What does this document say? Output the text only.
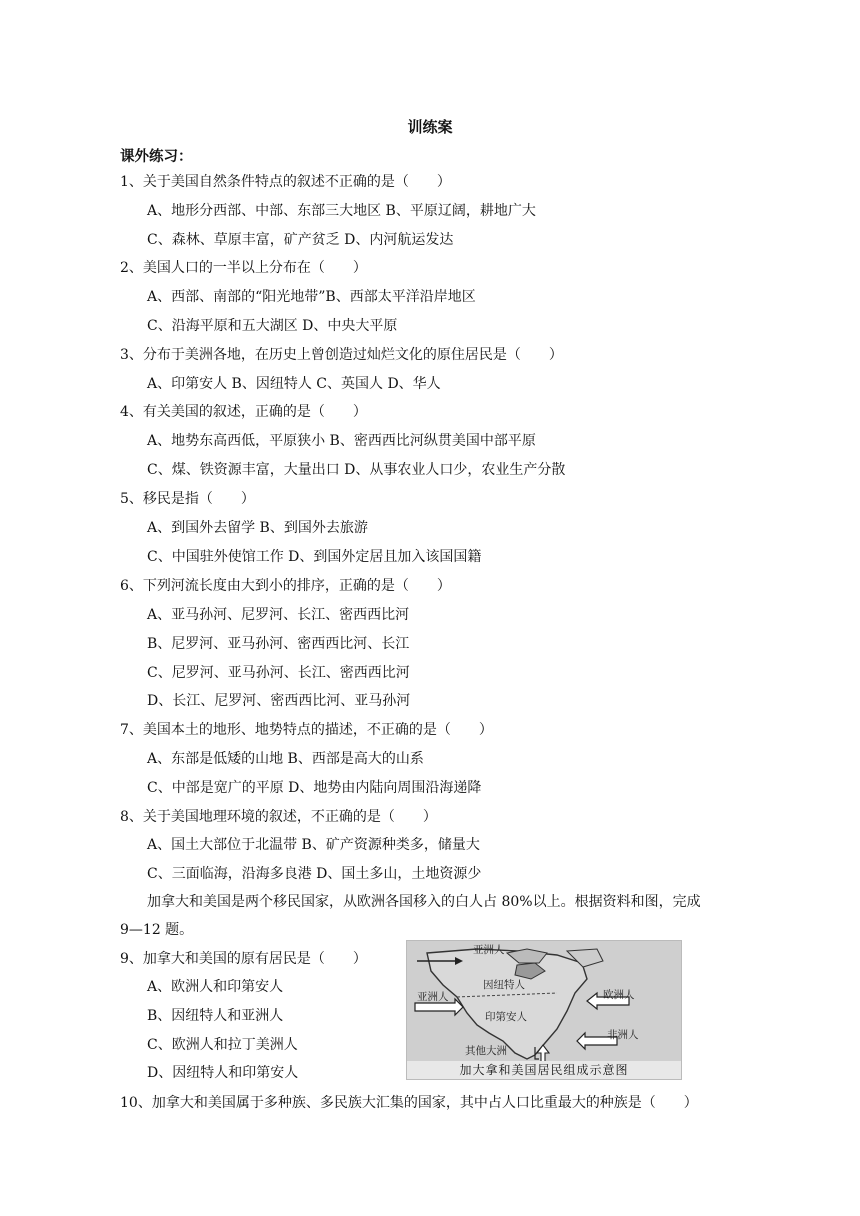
训练案
课外练习：
1、关于美国自然条件特点的叙述不正确的是（　　）
A、地形分西部、中部、东部三大地区 B、平原辽阔，耕地广大
C、森林、草原丰富，矿产贫乏 D、内河航运发达
2、美国人口的一半以上分布在（　　）
A、西部、南部的“阳光地带”B、西部太平洋沿岸地区
C、沿海平原和五大湖区 D、中央大平原
3、分布于美洲各地，在历史上曾创造过灿烂文化的原住居民是（　　）
A、印第安人 B、因纽特人 C、英国人 D、华人
4、有关美国的叙述，正确的是（　　）
A、地势东高西低，平原狭小 B、密西西比河纵贯美国中部平原
C、煤、铁资源丰富，大量出口 D、从事农业人口少，农业生产分散
5、移民是指（　　）
A、到国外去留学 B、到国外去旅游
C、中国驻外使馆工作 D、到国外定居且加入该国国籍
6、下列河流长度由大到小的排序，正确的是（　　）
A、亚马孙河、尼罗河、长江、密西西比河
B、尼罗河、亚马孙河、密西西比河、长江
C、尼罗河、亚马孙河、长江、密西西比河
D、长江、尼罗河、密西西比河、亚马孙河
7、美国本土的地形、地势特点的描述，不正确的是（　　）
A、东部是低矮的山地 B、西部是高大的山系
C、中部是宽广的平原 D、地势由内陆向周围沿海递降
8、关于美国地理环境的叙述，不正确的是（　　）
A、国土大部位于北温带 B、矿产资源种类多，储量大
C、三面临海，沿海多良港 D、国土多山，土地资源少
加拿大和美国是两个移民国家，从欧洲各国移入的白人占 80%以上。根据资料和图，完成
9—12 题。
9、加拿大和美国的原有居民是（　　）
A、欧洲人和印第安人
B、因纽特人和亚洲人
C、欧洲人和拉丁美洲人
D、因纽特人和印第安人
10、加拿大和美国属于多种族、多民族大汇集的国家，其中占人口比重最大的种族是（　　）
亚洲人
因纽特人
亚洲人
印第安人
欧洲人
非洲人
其他大洲
加大拿和美国居民组成示意图
